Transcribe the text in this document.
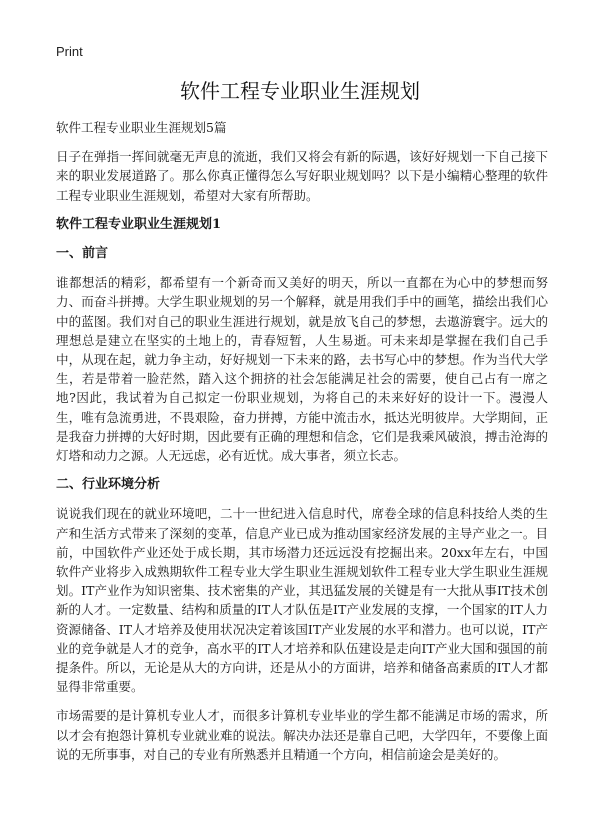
Print
软件工程专业职业生涯规划

软件工程专业职业生涯规划5篇

日子在弹指一挥间就毫无声息的流逝，我们又将会有新的际遇，该好好规划一下自己接下来的职业发展道路了。那么你真正懂得怎么写好职业规划吗？以下是小编精心整理的软件工程专业职业生涯规划，希望对大家有所帮助。

软件工程专业职业生涯规划1

一、前言

谁都想活的精彩，都希望有一个新奇而又美好的明天，所以一直都在为心中的梦想而努力、而奋斗拼搏。大学生职业规划的另一个解释，就是用我们手中的画笔，描绘出我们心中的蓝图。我们对自己的职业生涯进行规划，就是放飞自己的梦想，去遨游寰宇。远大的理想总是建立在坚实的土地上的，青春短暂，人生易逝。可未来却是掌握在我们自己手中，从现在起，就力争主动，好好规划一下未来的路，去书写心中的梦想。作为当代大学生，若是带着一脸茫然，踏入这个拥挤的社会怎能满足社会的需要，使自己占有一席之地?因此，我试着为自己拟定一份职业规划，为将自己的未来好好的设计一下。漫漫人生，唯有急流勇进，不畏艰险，奋力拼搏，方能中流击水，抵达光明彼岸。大学期间，正是我奋力拼搏的大好时期，因此要有正确的理想和信念，它们是我乘风破浪，搏击沧海的灯塔和动力之源。人无远虑，必有近忧。成大事者，须立长志。

二、行业环境分析

说说我们现在的就业环境吧，二十一世纪进入信息时代，席卷全球的信息科技给人类的生产和生活方式带来了深刻的变革，信息产业已成为推动国家经济发展的主导产业之一。目前，中国软件产业还处于成长期，其市场潜力还远远没有挖掘出来。20xx年左右，中国软件产业将步入成熟期软件工程专业大学生职业生涯规划软件工程专业大学生职业生涯规划。IT产业作为知识密集、技术密集的产业，其迅猛发展的关键是有一大批从事IT技术创新的人才。一定数量、结构和质量的IT人才队伍是IT产业发展的支撑，一个国家的IT人力资源储备、IT人才培养及使用状况决定着该国IT产业发展的水平和潜力。也可以说，IT产业的竞争就是人才的竞争，高水平的IT人才培养和队伍建设是走向IT产业大国和强国的前提条件。所以，无论是从大的方向讲，还是从小的方面讲，培养和储备高素质的IT人才都显得非常重要。

市场需要的是计算机专业人才，而很多计算机专业毕业的学生都不能满足市场的需求，所以才会有抱怨计算机专业就业难的说法。解决办法还是靠自己吧，大学四年，不要像上面说的无所事事，对自己的专业有所熟悉并且精通一个方向，相信前途会是美好的。
